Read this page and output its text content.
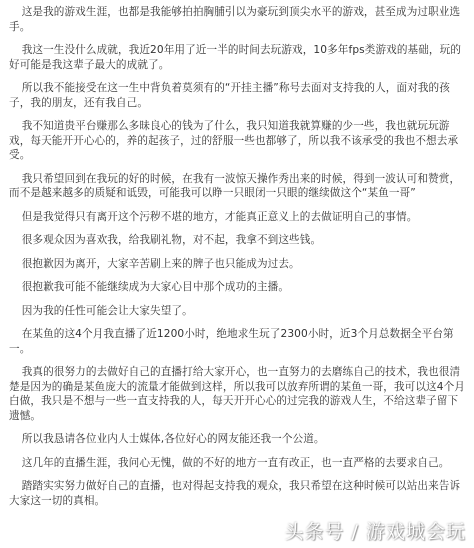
这是我的游戏生涯，也都是我能够拍拍胸脯引以为豪玩到顶尖水平的游戏，甚至成为过职业选手。

我这一生没什么成就，我近20年用了近一半的时间去玩游戏，10多年fps类游戏的基础，玩的好可能是我这辈子最大的成就了。

所以我不能接受在这一生中背负着莫须有的“开挂主播”称号去面对支持我的人，面对我的孩子，我的朋友，还有我自己。

我不知道贵平台赚那么多昧良心的钱为了什么，我只知道我就算赚的少一些，我也就玩玩游戏，每天能开开心心的，养的起孩子，过的舒服一些也都够了，所以我不该承受的我也不想去承受。

我只希望回到在我玩的好的时候，在我有一波惊天操作秀出来的时候，得到一波认可和赞赏，而不是越来越多的质疑和诋毁，可能我可以睁一只眼闭一只眼的继续做这个“某鱼一哥”

但是我觉得只有离开这个污秽不堪的地方，才能真正意义上的去做证明自己的事情。

很多观众因为喜欢我，给我刷礼物，对不起，我拿不到这些钱。

很抱歉因为离开，大家辛苦刷上来的牌子也只能成为过去。

很抱歉我可能不能继续成为大家心目中那个成功的主播。

因为我的任性可能会让大家失望了。

在某鱼的这4个月我直播了近1200小时，绝地求生玩了2300小时，近3个月总数据全平台第一。

我真的很努力的去做好自己的直播打给大家开心，也一直努力的去磨练自己的技术，我也很清楚是因为的确是某鱼庞大的流量才能做到这样，所以我可以放弃所谓的某鱼一哥，我可以这4个月白做，我只是不想与一些一直支持我的人，每天开开心心的过完我的游戏人生，不给这辈子留下遗憾。

所以我恳请各位业内人士媒体,各位好心的网友能还我一个公道。

这几年的直播生涯，我问心无愧，做的不好的地方一直有改正，也一直严格的去要求自己。

踏踏实实努力做好自己的直播，也对得起支持我的观众，我只希望在这种时候可以站出来告诉大家这一切的真相。

头条号 / 游戏城会玩
